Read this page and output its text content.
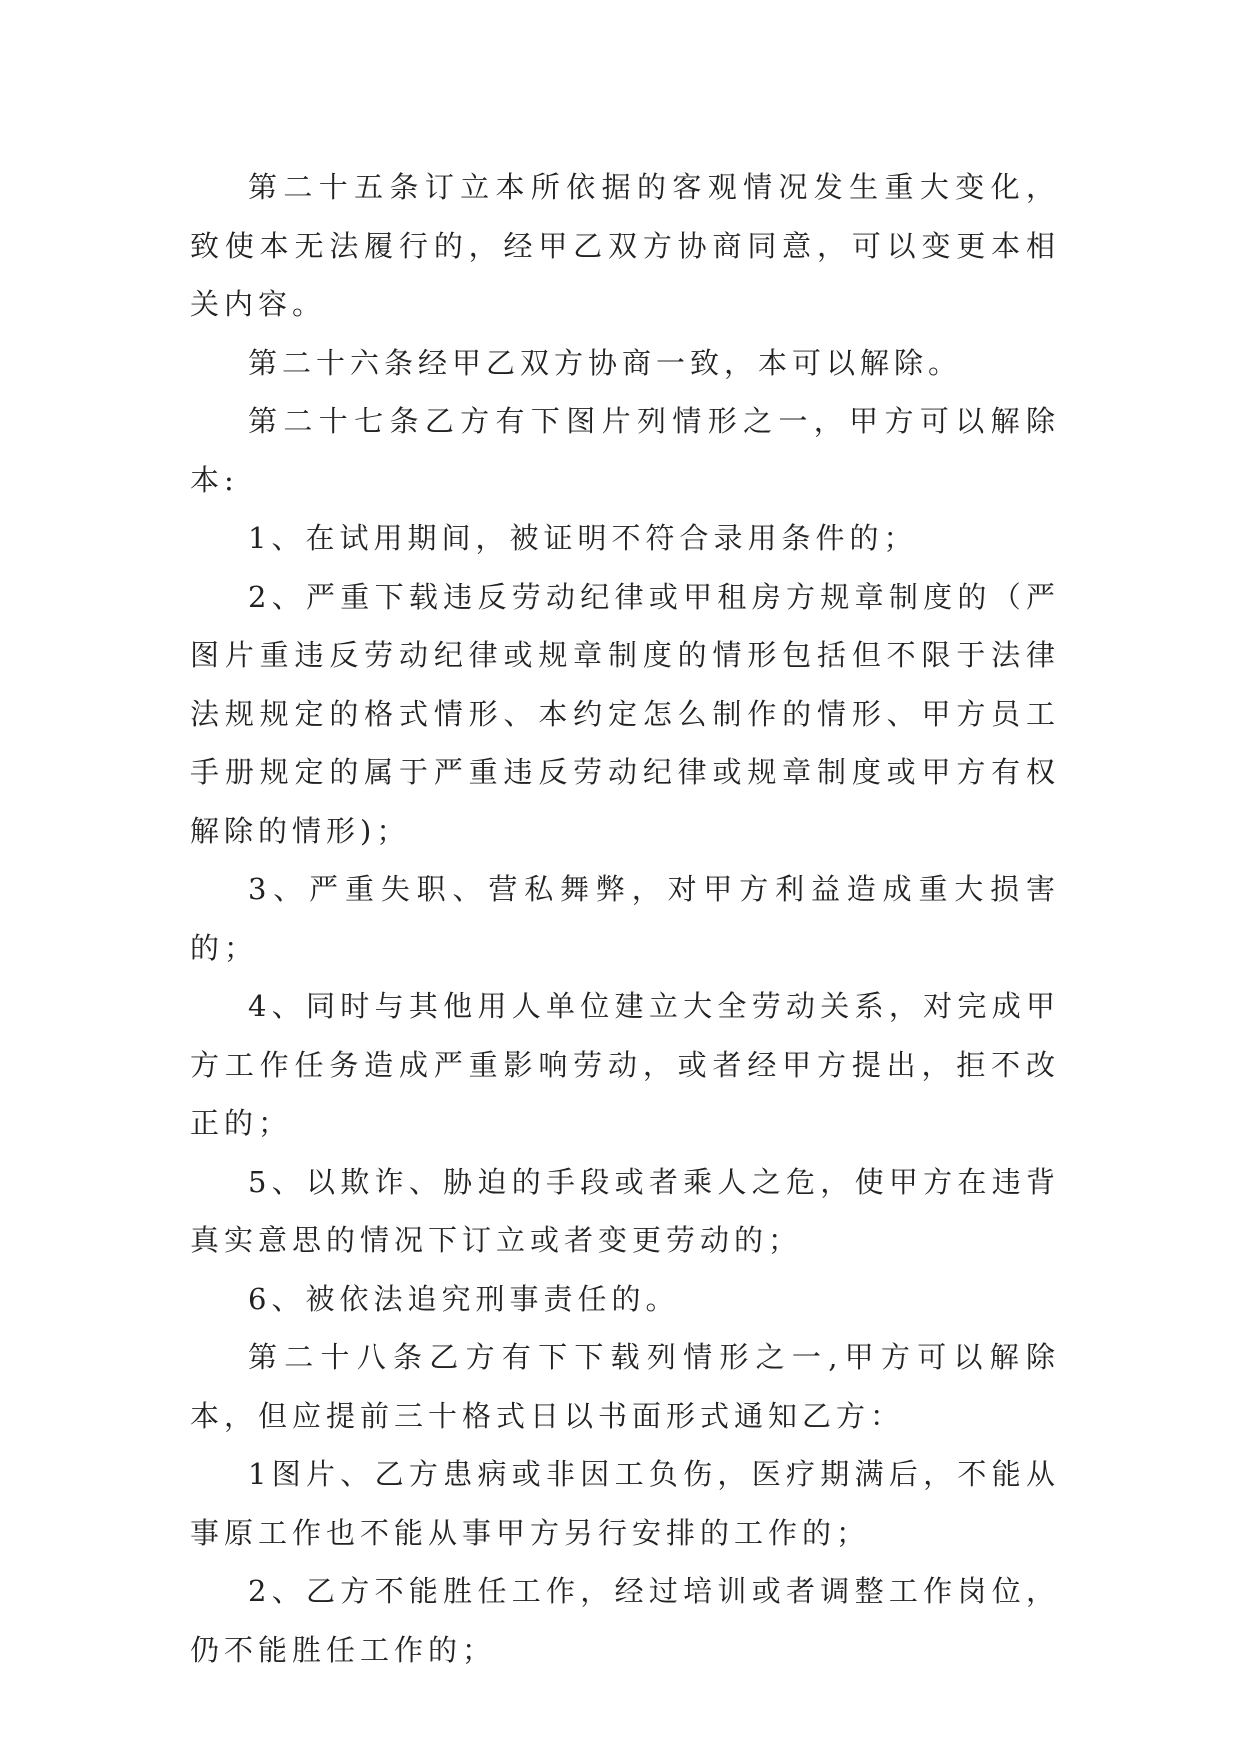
第二十五条订立本所依据的客观情况发生重大变化，致使本无法履行的，经甲乙双方协商同意，可以变更本相关内容。

第二十六条经甲乙双方协商一致，本可以解除。

第二十七条乙方有下图片列情形之一，甲方可以解除本:

1、在试用期间，被证明不符合录用条件的；

2、严重下载违反劳动纪律或甲租房方规章制度的（严图片重违反劳动纪律或规章制度的情形包括但不限于法律法规规定的格式情形、本约定怎么制作的情形、甲方员工手册规定的属于严重违反劳动纪律或规章制度或甲方有权解除的情形)；

3、严重失职、营私舞弊，对甲方利益造成重大损害的；

4、同时与其他用人单位建立大全劳动关系，对完成甲方工作任务造成严重影响劳动，或者经甲方提出，拒不改正的；

5、以欺诈、胁迫的手段或者乘人之危，使甲方在违背真实意思的情况下订立或者变更劳动的；

6、被依法追究刑事责任的。

第二十八条乙方有下下载列情形之一,甲方可以解除本，但应提前三十格式日以书面形式通知乙方：

1图片、乙方患病或非因工负伤，医疗期满后，不能从事原工作也不能从事甲方另行安排的工作的；

2、乙方不能胜任工作，经过培训或者调整工作岗位，仍不能胜任工作的；
